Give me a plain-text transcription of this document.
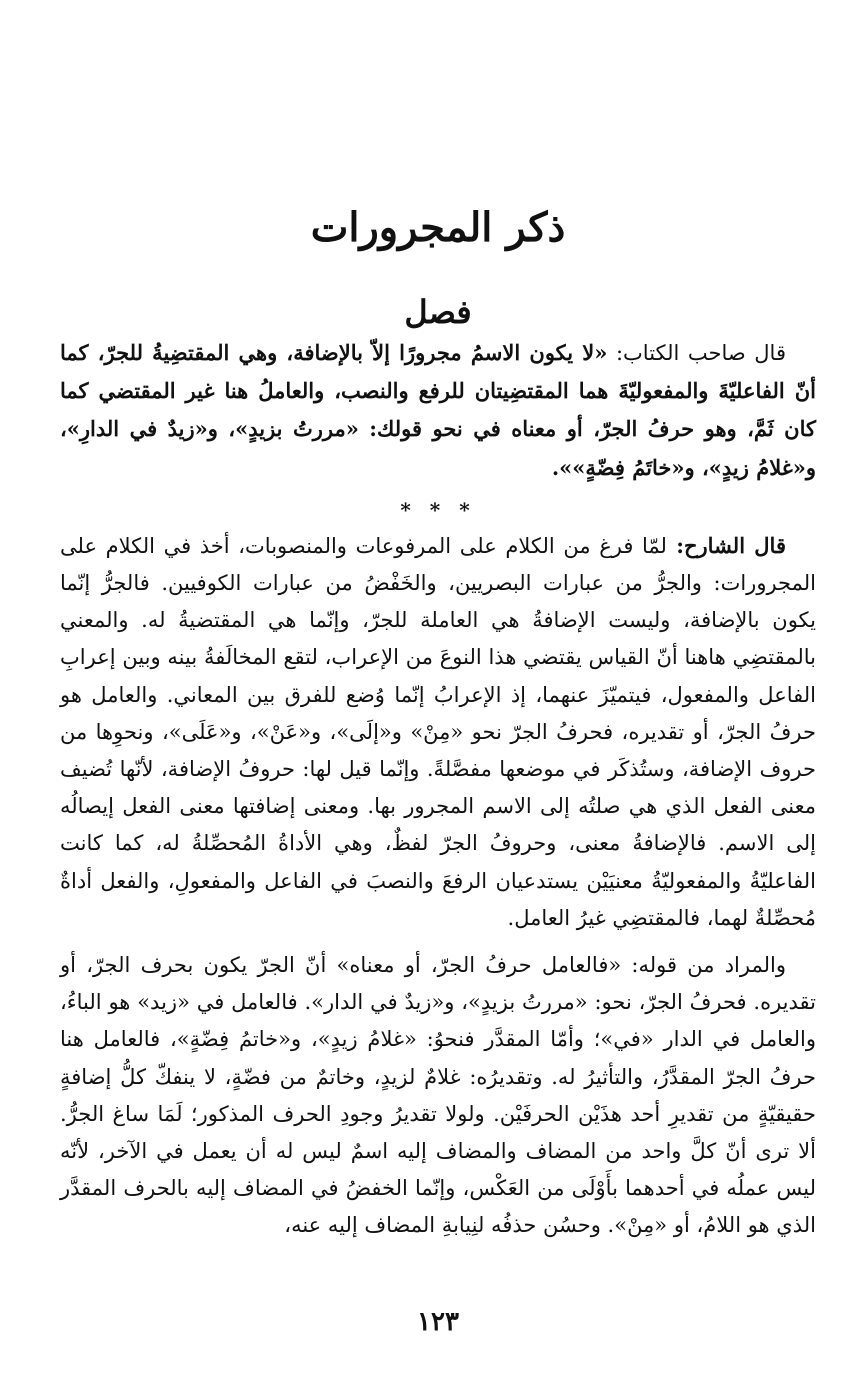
ذكر المجرورات
فصل

قال صاحب الكتاب: «لا يكون الاسمُ مجرورًا إلاّ بالإضافة، وهي المقتضِيةُ للجرّ، كما أنّ الفاعليّةَ والمفعوليّةَ هما المقتضِيتان للرفع والنصب، والعاملُ هنا غير المقتضي كما كان ثَمَّ، وهو حرفُ الجرّ، أو معناه في نحو قولك: «مررتُ بزيدٍ»، و«زيدٌ في الدارِ»، و«غلامُ زيدٍ»، و«خاتَمُ فِضّةٍ»».

* * *

قال الشارح: لمّا فرغ من الكلام على المرفوعات والمنصوبات، أخذ في الكلام على المجرورات: والجرُّ من عبارات البصريين، والخَفْضُ من عبارات الكوفيين. فالجرُّ إنّما يكون بالإضافة، وليست الإضافةُ هي العاملة للجرّ، وإنّما هي المقتضيةُ له. والمعني بالمقتضِي هاهنا أنّ القياس يقتضي هذا النوعَ من الإعراب، لتقع المخالَفةُ بينه وبين إعرابِ الفاعل والمفعول، فيتميّزَ عنهما، إذ الإعرابُ إنّما وُضع للفرق بين المعاني. والعامل هو حرفُ الجرّ، أو تقديره، فحرفُ الجرّ نحو «مِنْ» و«إلَى»، و«عَنْ»، و«عَلَى»، ونحوِها من حروف الإضافة، وستُذكَر في موضعها مفصَّلةً. وإنّما قيل لها: حروفُ الإضافة، لأنّها تُضيف معنى الفعل الذي هي صلتُه إلى الاسم المجرور بها. ومعنى إضافتها معنى الفعل إيصالُه إلى الاسم. فالإضافةُ معنى، وحروفُ الجرّ لفظٌ، وهي الأداةُ المُحصِّلةُ له، كما كانت الفاعليّةُ والمفعوليّةُ معنيَيْن يستدعيان الرفعَ والنصبَ في الفاعل والمفعولِ، والفعل أداةٌ مُحصِّلةٌ لهما، فالمقتضِي غيرُ العامل.

والمراد من قوله: «فالعامل حرفُ الجرّ، أو معناه» أنّ الجرّ يكون بحرف الجرّ، أو تقديره. فحرفُ الجرّ، نحو: «مررتُ بزيدٍ»، و«زيدٌ في الدار». فالعامل في «زيد» هو الباءُ، والعامل في الدار «في»؛ وأمّا المقدَّر فنحوُ: «غلامُ زيدٍ»، و«خاتمُ فِضّةٍ»، فالعامل هنا حرفُ الجرّ المقدَّرُ، والتأثيرُ له. وتقديرُه: غلامٌ لزيدٍ، وخاتمٌ من فضّةٍ، لا ينفكّ كلُّ إضافةٍ حقيقيّةٍ من تقديرِ أحد هذَيْن الحرفَيْن. ولولا تقديرُ وجودِ الحرف المذكور؛ لَمَا ساغ الجرُّ. ألا ترى أنّ كلَّ واحد من المضاف والمضاف إليه اسمٌ ليس له أن يعمل في الآخر، لأنّه ليس عملُه في أحدهما بأَوْلَى من العَكْس، وإنّما الخفضُ في المضاف إليه بالحرف المقدَّر الذي هو اللامُ، أو «مِنْ». وحسُن حذفُه لنِيابةِ المضاف إليه عنه،

١٢٣
